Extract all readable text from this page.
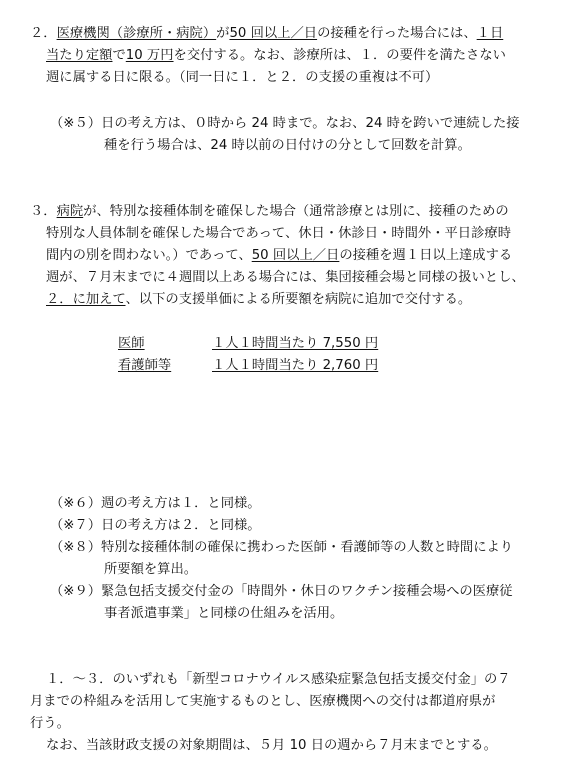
２．医療機関（診療所・病院）が50 回以上／日の接種を行った場合には、１日
当たり定額で10 万円を交付する。なお、診療所は、１．の要件を満たさない
週に属する日に限る。（同一日に１．と２．の支援の重複は不可）
（※５）日の考え方は、０時から 24 時まで。なお、24 時を跨いで連続した接
種を行う場合は、24 時以前の日付けの分として回数を計算。
３．病院が、特別な接種体制を確保した場合（通常診療とは別に、接種のための
特別な人員体制を確保した場合であって、休日・休診日・時間外・平日診療時
間内の別を問わない。）であって、50 回以上／日の接種を週１日以上達成する
週が、７月末までに４週間以上ある場合には、集団接種会場と同様の扱いとし、
２．に加えて、以下の支援単価による所要額を病院に追加で交付する。
医師	１人１時間当たり 7,550 円
看護師等	１人１時間当たり 2,760 円
（※６）週の考え方は１．と同様。
（※７）日の考え方は２．と同様。
（※８）特別な接種体制の確保に携わった医師・看護師等の人数と時間により
所要額を算出。
（※９）緊急包括支援交付金の「時間外・休日のワクチン接種会場への医療従
事者派遣事業」と同様の仕組みを活用。
１．～３．のいずれも「新型コロナウイルス感染症緊急包括支援交付金」の７
月までの枠組みを活用して実施するものとし、医療機関への交付は都道府県が
行う。
なお、当該財政支援の対象期間は、５月 10 日の週から７月末までとする。
